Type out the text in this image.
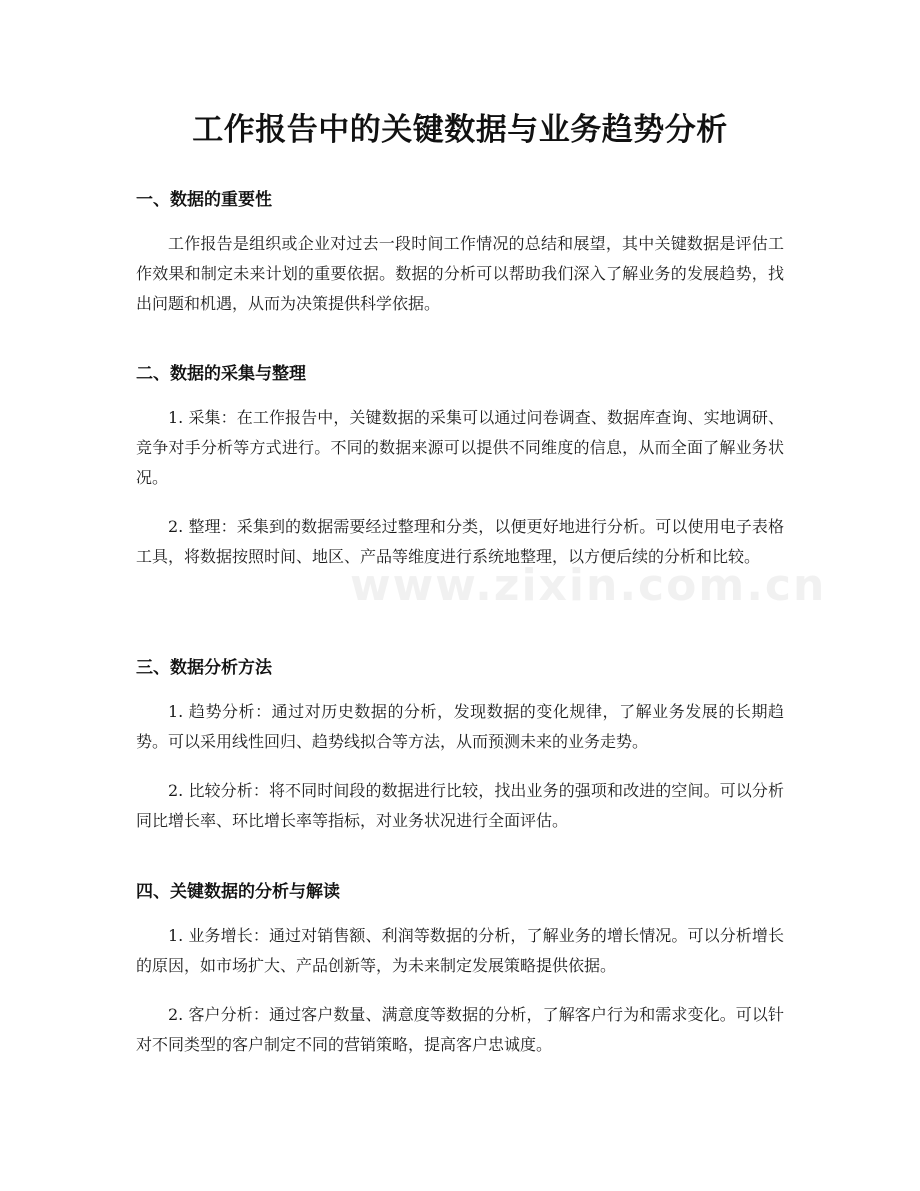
工作报告中的关键数据与业务趋势分析
一、数据的重要性

工作报告是组织或企业对过去一段时间工作情况的总结和展望，其中关键数据是评估工作效果和制定未来计划的重要依据。数据的分析可以帮助我们深入了解业务的发展趋势，找出问题和机遇，从而为决策提供科学依据。

二、数据的采集与整理

1. 采集：在工作报告中，关键数据的采集可以通过问卷调查、数据库查询、实地调研、竞争对手分析等方式进行。不同的数据来源可以提供不同维度的信息，从而全面了解业务状况。

2. 整理：采集到的数据需要经过整理和分类，以便更好地进行分析。可以使用电子表格工具，将数据按照时间、地区、产品等维度进行系统地整理，以方便后续的分析和比较。

三、数据分析方法

1. 趋势分析：通过对历史数据的分析，发现数据的变化规律，了解业务发展的长期趋势。可以采用线性回归、趋势线拟合等方法，从而预测未来的业务走势。

2. 比较分析：将不同时间段的数据进行比较，找出业务的强项和改进的空间。可以分析同比增长率、环比增长率等指标，对业务状况进行全面评估。

四、关键数据的分析与解读

1. 业务增长：通过对销售额、利润等数据的分析，了解业务的增长情况。可以分析增长的原因，如市场扩大、产品创新等，为未来制定发展策略提供依据。

2. 客户分析：通过客户数量、满意度等数据的分析，了解客户行为和需求变化。可以针对不同类型的客户制定不同的营销策略，提高客户忠诚度。

www.zixin.com.cn
